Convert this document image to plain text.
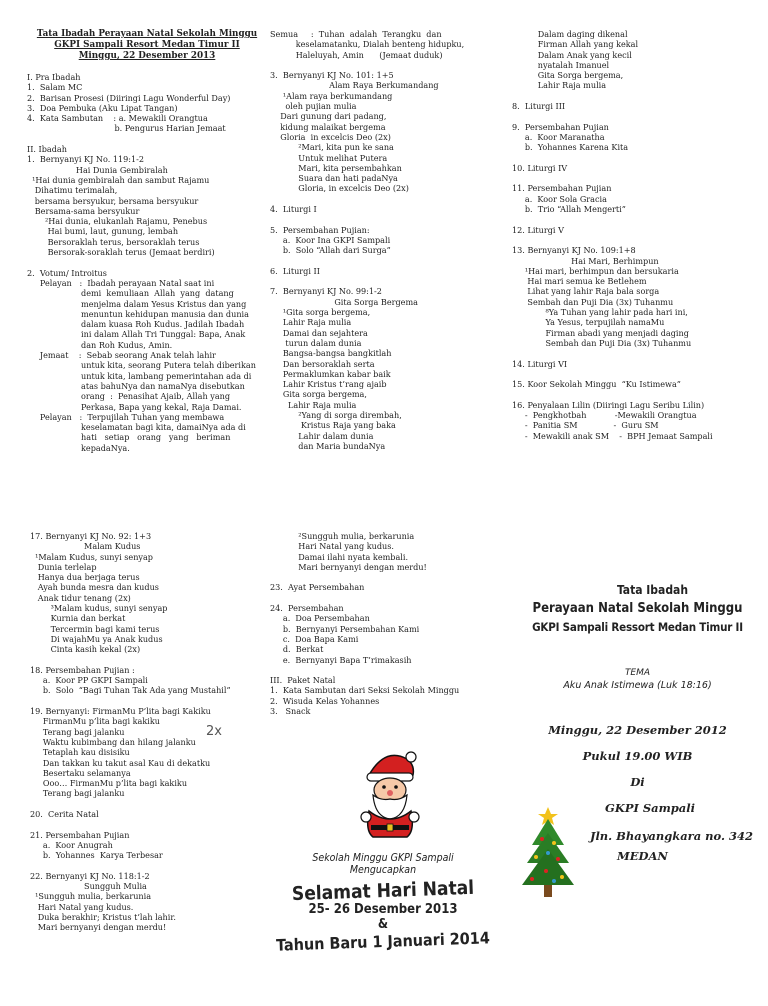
Tata Ibadah Perayaan Natal Sekolah Minggu

GKPI Sampali Resort Medan Timur II

Minggu, 22 Desember 2013

I. Pra Ibadah

1.  Salam MC

2.  Barisan Prosesi (Diiringi Lagu Wonderful Day)

3.  Doa Pembuka (Aku Lipat Tangan)

4.  Kata Sambutan    : a. Mewakili Orangtua

b. Pengurus Harian Jemaat

II. Ibadah

1.  Bernyanyi KJ No. 119:1-2

Hai Dunia Gembiralah

¹Hai dunia gembiralah dan sambut Rajamu

Dihatimu terimalah,

bersama bersyukur, bersama bersyukur

Bersama-sama bersyukur

²Hai dunia, elukanlah Rajamu, Penebus

Hai bumi, laut, gunung, lembah

Bersoraklah terus, bersoraklah terus

Bersorak-soraklah terus (Jemaat berdiri)

2.  Votum/ Introitus

Pelayan   :  Ibadah perayaan Natal saat ini

demi  kemuliaan  Allah  yang  datang

menjelma dalam Yesus Kristus dan yang

menuntun kehidupan manusia dan dunia

dalam kuasa Roh Kudus. Jadilah Ibadah

ini dalam Allah Tri Tunggal: Bapa, Anak

dan Roh Kudus, Amin.

Jemaat    :  Sebab seorang Anak telah lahir

untuk kita, seorang Putera telah diberikan

untuk kita, lambang pemerintahan ada di

atas bahuNya dan namaNya disebutkan

orang  :  Penasihat Ajaib, Allah yang

Perkasa, Bapa yang kekal, Raja Damai.

Pelayan   :  Terpujilah Tuhan yang membawa

keselamatan bagi kita, damaiNya ada di

hati   setiap   orang   yang   beriman

kepadaNya.

Semua     :  Tuhan  adalah  Terangku  dan

keselamatanku, Dialah benteng hidupku,

Haleluyah, Amin      (Jemaat duduk)

3.  Bernyanyi KJ No. 101: 1+5

Alam Raya Berkumandang

¹Alam raya berkumandang

oleh pujian mulia

Dari gunung dari padang,

kidung malaikat bergema

Gloria  in excelcis Deo (2x)

²Mari, kita pun ke sana

Untuk melihat Putera

Mari, kita persembahkan

Suara dan hati padaNya

Gloria, in excelcis Deo (2x)

4.  Liturgi I

5.  Persembahan Pujian:

a.  Koor Ina GKPI Sampali

b.  Solo “Allah dari Surga”

6.  Liturgi II

7.  Bernyanyi KJ No. 99:1-2

Gita Sorga Bergema

¹Gita sorga bergema,

Lahir Raja mulia

Damai dan sejahtera

turun dalam dunia

Bangsa-bangsa bangkitlah

Dan bersoraklah serta

Permaklumkan kabar baik

Lahir Kristus t’rang ajaib

Gita sorga bergema,

Lahir Raja mulia

²Yang di sorga dirembah,

Kristus Raja yang baka

Lahir dalam dunia

dan Maria bundaNya

Dalam daging dikenal

Firman Allah yang kekal

Dalam Anak yang kecil

nyatalah Imanuel

Gita Sorga bergema,

Lahir Raja mulia

8.  Liturgi III

9.  Persembahan Pujian

a.  Koor Maranatha

b.  Yohannes Karena Kita

10. Liturgi IV

11. Persembahan Pujian

a.  Koor Sola Gracia

b.  Trio “Allah Mengerti”

12. Liturgi V

13. Bernyanyi KJ No. 109:1+8

Hai Mari, Berhimpun

¹Hai mari, berhimpun dan bersukaria

Hai mari semua ke Betlehem

Lihat yang lahir Raja bala sorga

Sembah dan Puji Dia (3x) Tuhanmu

⁸Ya Tuhan yang lahir pada hari ini,

Ya Yesus, terpujilah namaMu

Firman abadi yang menjadi daging

Sembah dan Puji Dia (3x) Tuhanmu

14. Liturgi VI

15. Koor Sekolah Minggu  “Ku Istimewa”

16. Penyalaan Lilin (Diiringi Lagu Seribu Lilin)

-  Pengkhotbah           -Mewakili Orangtua

-  Panitia SM              -  Guru SM

-  Mewakili anak SM    -  BPH Jemaat Sampali

17. Bernyanyi KJ No. 92: 1+3

Malam Kudus

¹Malam Kudus, sunyi senyap

Dunia terlelap

Hanya dua berjaga terus

Ayah bunda mesra dan kudus

Anak tidur tenang (2x)

³Malam kudus, sunyi senyap

Kurnia dan berkat

Tercermin bagi kami terus

Di wajahMu ya Anak kudus

Cinta kasih kekal (2x)

18. Persembahan Pujian :

a.  Koor PP GKPI Sampali

b.  Solo  “Bagi Tuhan Tak Ada yang Mustahil”

19. Bernyanyi: FirmanMu P’lita bagi Kakiku

FirmanMu p’lita bagi kakiku

Terang bagi jalanku

Waktu kubimbang dan hilang jalanku

Tetaplah kau disisiku

Dan takkan ku takut asal Kau di dekatku

Besertaku selamanya

Ooo… FirmanMu p’lita bagi kakiku

Terang bagi jalanku

20.  Cerita Natal

21. Persembahan Pujian

a.  Koor Anugrah

b.  Yohannes  Karya Terbesar

22. Bernyanyi KJ No. 118:1-2

Sungguh Mulia

¹Sungguh mulia, berkarunia

Hari Natal yang kudus.

Duka berakhir; Kristus t’lah lahir.

Mari bernyanyi dengan merdu!

2x

²Sungguh mulia, berkarunia

Hari Natal yang kudus.

Damai ilahi nyata kembali.

Mari bernyanyi dengan merdu!

23.  Ayat Persembahan

24.  Persembahan

a.  Doa Persembahan

b.  Bernyanyi Persembahan Kami

c.  Doa Bapa Kami

d.  Berkat

e.  Bernyanyi Bapa T’rimakasih

III.  Paket Natal

1.  Kata Sambutan dari Seksi Sekolah Minggu

2.  Wisuda Kelas Yohannes

3.   Snack

Sekolah Minggu GKPI Sampali

Mengucapkan

Selamat Hari Natal

25- 26 Desember 2013

&

Tahun Baru 1 Januari 2014

Tata Ibadah

Perayaan Natal Sekolah Minggu

GKPI Sampali Ressort Medan Timur II

TEMA

Aku Anak Istimewa (Luk 18:16)

Minggu, 22 Desember 2012

Pukul 19.00 WIB

Di

GKPI Sampali

Jln. Bhayangkara no. 342

MEDAN
